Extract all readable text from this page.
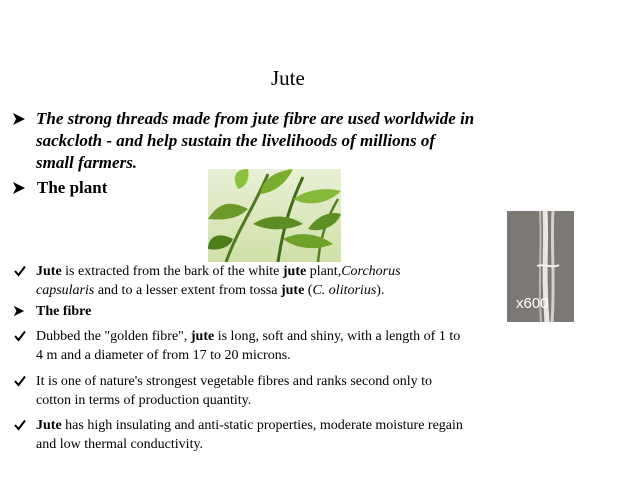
Jute
The strong threads made from jute fibre are used worldwide in
sackcloth - and help sustain the livelihoods of millions of
small farmers.
The plant
x600
Jute is extracted from the bark of the white jute plant,Corchorus
capsularis and to a lesser extent from tossa jute (C. olitorius).
The fibre
Dubbed the "golden fibre", jute is long, soft and shiny, with a length of 1 to
4 m and a diameter of from 17 to 20 microns.
It is one of nature's strongest vegetable fibres and ranks second only to
cotton in terms of production quantity.
Jute has high insulating and anti-static properties, moderate moisture regain
and low thermal conductivity.
